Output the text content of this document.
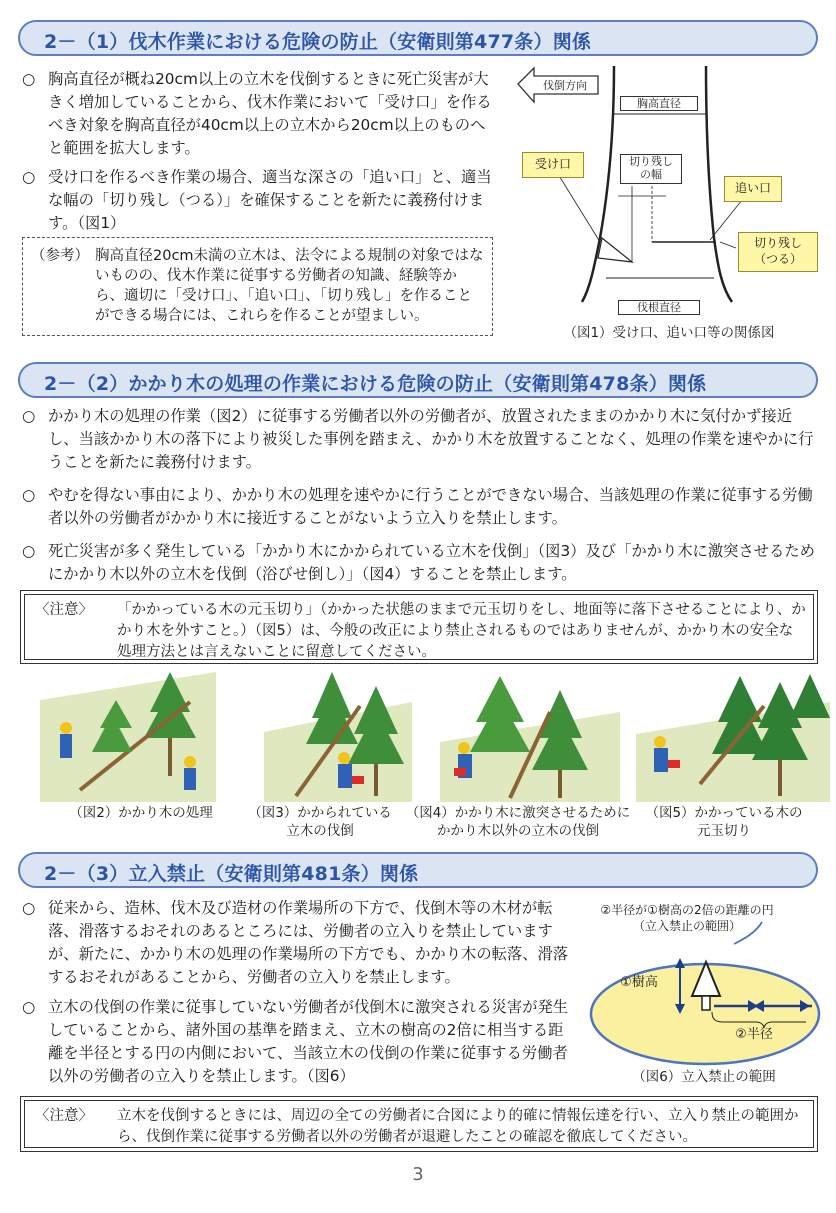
2－（1）伐木作業における危険の防止（安衛則第477条）関係

○ 胸高直径が概ね20cm以上の立木を伐倒するときに死亡災害が大きく増加していることから、伐木作業において「受け口」を作るべき対象を胸高直径が40cm以上の立木から20cm以上のものへと範囲を拡大します。

○ 受け口を作るべき作業の場合、適当な深さの「追い口」と、適当な幅の「切り残し（つる）」を確保することを新たに義務付けます。（図1）

（参考） 胸高直径20cm未満の立木は、法令による規制の対象ではないものの、伐木作業に従事する労働者の知識、経験等から、適切に「受け口」、「追い口」、「切り残し」を作ることができる場合には、これらを作ることが望ましい。
伐倒方向
胸高直径
切り残し
の幅
受け口
追い口
切り残し
（つる）
伐根直径
（図1）受け口、追い口等の関係図
2－（2）かかり木の処理の作業における危険の防止（安衛則第478条）関係

○ かかり木の処理の作業（図2）に従事する労働者以外の労働者が、放置されたままのかかり木に気付かず接近し、当該かかり木の落下により被災した事例を踏まえ、かかり木を放置することなく、処理の作業を速やかに行うことを新たに義務付けます。

○ やむを得ない事由により、かかり木の処理を速やかに行うことができない場合、当該処理の作業に従事する労働者以外の労働者がかかり木に接近することがないよう立入りを禁止します。

○ 死亡災害が多く発生している「かかり木にかかられている立木を伐倒」（図3）及び「かかり木に激突させるためにかかり木以外の立木を伐倒（浴びせ倒し）」（図4）することを禁止します。

〈注意〉 「かかっている木の元玉切り」（かかった状態のままで元玉切りをし、地面等に落下させることにより、かかり木を外すこと。）（図5）は、今般の改正により禁止されるものではありませんが、かかり木の安全な処理方法とは言えないことに留意してください。
（図2）かかり木の処理	（図3）かかられている
立木の伐倒
（図4）かかり木に激突させるために
かかり木以外の立木の伐倒
（図5）かかっている木の
元玉切り
2－（3）立入禁止（安衛則第481条）関係

○ 従来から、造林、伐木及び造材の作業場所の下方で、伐倒木等の木材が転落、滑落するおそれのあるところには、労働者の立入りを禁止していますが、新たに、かかり木の処理の作業場所の下方でも、かかり木の転落、滑落するおそれがあることから、労働者の立入りを禁止します。

○ 立木の伐倒の作業に従事していない労働者が伐倒木に激突される災害が発生していることから、諸外国の基準を踏まえ、立木の樹高の2倍に相当する距離を半径とする円の内側において、当該立木の伐倒の作業に従事する労働者以外の労働者の立入りを禁止します。（図6）

②半径が①樹高の2倍の距離の円
（立入禁止の範囲）
①樹高
②半径
（図6）立入禁止の範囲
〈注意〉 立木を伐倒するときには、周辺の全ての労働者に合図により的確に情報伝達を行い、立入り禁止の範囲から、伐倒作業に従事する労働者以外の労働者が退避したことの確認を徹底してください。
3
